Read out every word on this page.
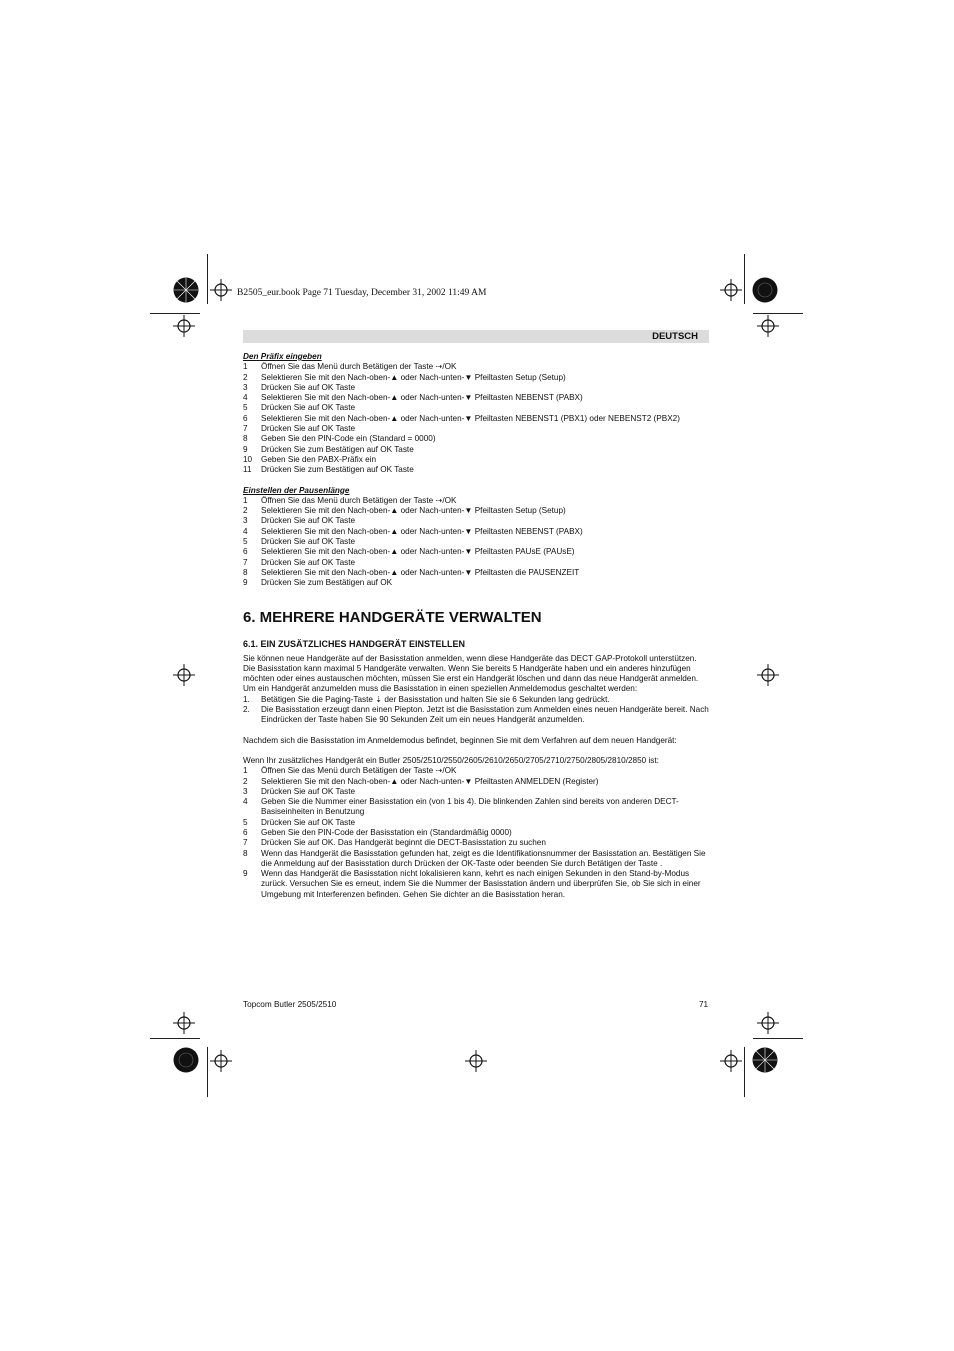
B2505_eur.book Page 71 Tuesday, December 31, 2002 11:49 AM
DEUTSCH

Den Präfix eingeben

1 Öffnen Sie das Menü durch Betätigen der Taste ⇢/OK
2 Selektieren Sie mit den Nach-oben-▲ oder Nach-unten-▼ Pfeiltasten Setup (Setup)
3 Drücken Sie auf OK Taste
4 Selektieren Sie mit den Nach-oben-▲ oder Nach-unten-▼ Pfeiltasten NEBENST (PABX)
5 Drücken Sie auf OK Taste
6 Selektieren Sie mit den Nach-oben-▲ oder Nach-unten-▼ Pfeiltasten NEBENST1 (PBX1) oder NEBENST2 (PBX2)
7 Drücken Sie auf OK Taste
8 Geben Sie den PIN-Code ein (Standard = 0000)
9 Drücken Sie zum Bestätigen auf OK Taste
10 Geben Sie den PABX-Präfix ein
11 Drücken Sie zum Bestätigen auf OK Taste

Einstellen der Pausenlänge

1 Öffnen Sie das Menü durch Betätigen der Taste ⇢/OK
2 Selektieren Sie mit den Nach-oben-▲ oder Nach-unten-▼ Pfeiltasten Setup (Setup)
3 Drücken Sie auf OK Taste
4 Selektieren Sie mit den Nach-oben-▲ oder Nach-unten-▼ Pfeiltasten NEBENST (PABX)
5 Drücken Sie auf OK Taste
6 Selektieren Sie mit den Nach-oben-▲ oder Nach-unten-▼ Pfeiltasten PAUsE (PAUsE)
7 Drücken Sie auf OK Taste
8 Selektieren Sie mit den Nach-oben-▲ oder Nach-unten-▼ Pfeiltasten die PAUSENZEIT
9 Drücken Sie zum Bestätigen auf OK

6. MEHRERE HANDGERÄTE VERWALTEN

6.1. EIN ZUSÄTZLICHES HANDGERÄT EINSTELLEN

Sie können neue Handgeräte auf der Basisstation anmelden, wenn diese Handgeräte das DECT GAP-Protokoll unterstützen.

Die Basisstation kann maximal 5 Handgeräte verwalten. Wenn Sie bereits 5 Handgeräte haben und ein anderes hinzufügen möchten oder eines austauschen möchten, müssen Sie erst ein Handgerät löschen und dann das neue Handgerät anmelden.

Um ein Handgerät anzumelden muss die Basisstation in einen speziellen Anmeldemodus geschaltet werden:

1. Betätigen Sie die Paging-Taste ⇣ der Basisstation und halten Sie sie 6 Sekunden lang gedrückt.
2. Die Basisstation erzeugt dann einen Piepton. Jetzt ist die Basisstation zum Anmelden eines neuen Handgeräte bereit. Nach Eindrücken der Taste haben Sie 90 Sekunden Zeit um ein neues Handgerät anzumelden.

Nachdem sich die Basisstation im Anmeldemodus befindet, beginnen Sie mit dem Verfahren auf dem neuen Handgerät:

Wenn Ihr zusätzliches Handgerät ein Butler 2505/2510/2550/2605/2610/2650/2705/2710/2750/2805/2810/2850 ist:

1 Öffnen Sie das Menü durch Betätigen der Taste ⇢/OK
2 Selektieren Sie mit den Nach-oben-▲ oder Nach-unten-▼ Pfeiltasten ANMELDEN (Register)
3 Drücken Sie auf OK Taste
4 Geben Sie die Nummer einer Basisstation ein (von 1 bis 4). Die blinkenden Zahlen sind bereits von anderen DECT-Basiseinheiten in Benutzung
5 Drücken Sie auf OK Taste
6 Geben Sie den PIN-Code der Basisstation ein (Standardmäßig 0000)
7 Drücken Sie auf OK. Das Handgerät beginnt die DECT-Basisstation zu suchen
8 Wenn das Handgerät die Basisstation gefunden hat, zeigt es die Identifikationsnummer der Basisstation an. Bestätigen Sie die Anmeldung auf der Basisstation durch Drücken der OK-Taste oder beenden Sie durch Betätigen der Taste .
9 Wenn das Handgerät die Basisstation nicht lokalisieren kann, kehrt es nach einigen Sekunden in den Stand-by-Modus zurück. Versuchen Sie es erneut, indem Sie die Nummer der Basisstation ändern und überprüfen Sie, ob Sie sich in einer Umgebung mit Interferenzen befinden. Gehen Sie dichter an die Basisstation heran.
Topcom Butler 2505/2510	71
